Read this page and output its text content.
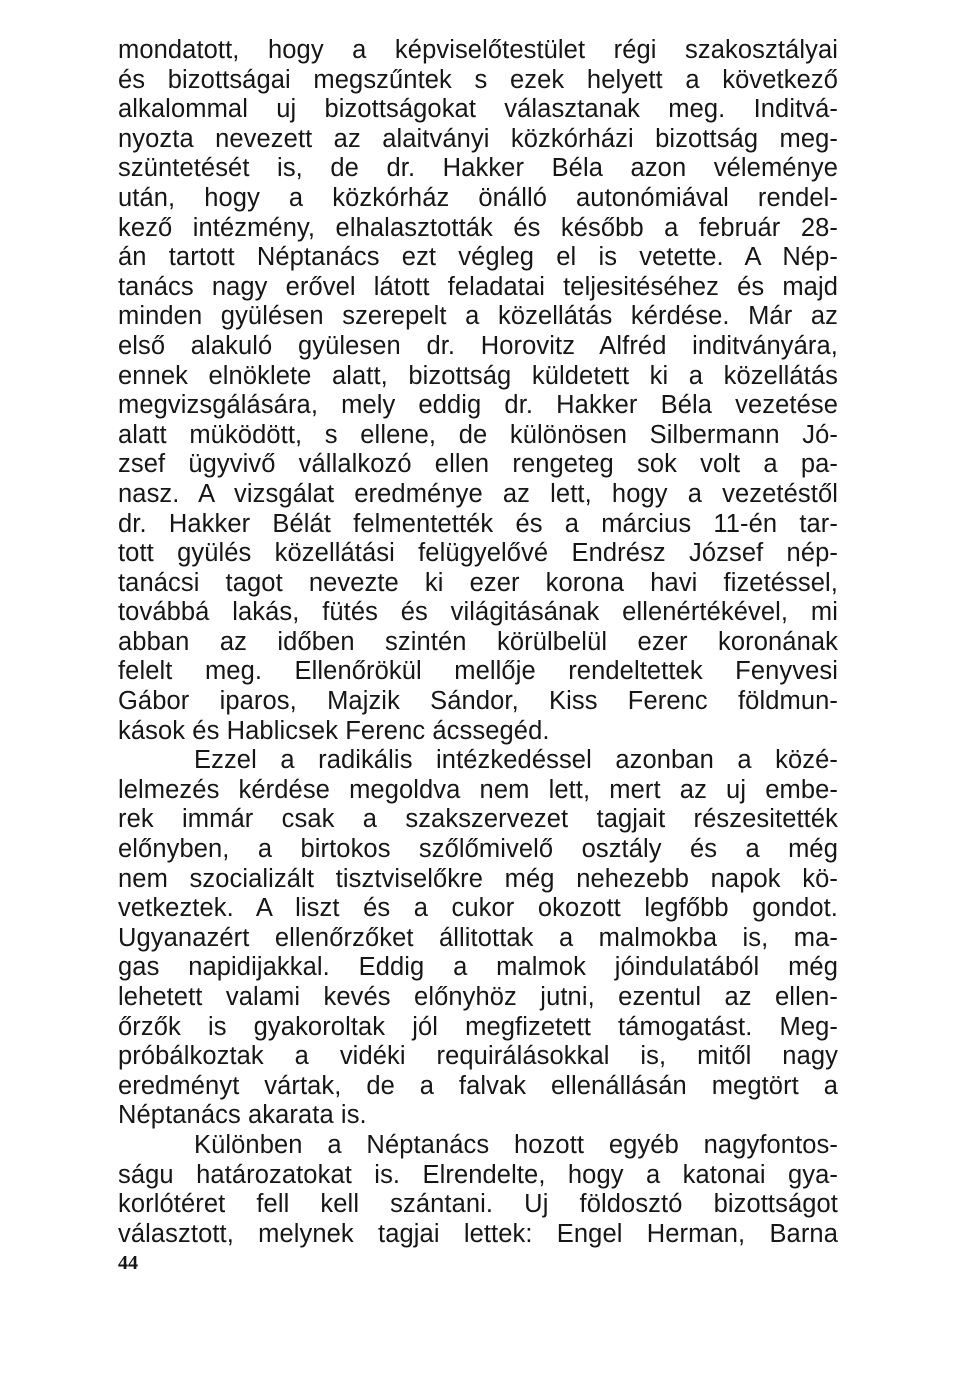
mondatott, hogy a képviselőtestület régi szakosztályai
és bizottságai megszűntek s ezek helyett a következő
alkalommal uj bizottságokat választanak meg. Inditvá-
nyozta nevezett az alaitványi közkórházi bizottság meg-
szüntetését is, de dr. Hakker Béla azon véleménye
után, hogy a közkórház önálló autonómiával rendel-
kező intézmény, elhalasztották és később a február 28-
án tartott Néptanács ezt végleg el is vetette. A Nép-
tanács nagy erővel látott feladatai teljesitéséhez és majd
minden gyülésen szerepelt a közellátás kérdése. Már az
első alakuló gyülesen dr. Horovitz Alfréd inditványára,
ennek elnöklete alatt, bizottság küldetett ki a közellátás
megvizsgálására, mely eddig dr. Hakker Béla vezetése
alatt müködött, s ellene, de különösen Silbermann Jó-
zsef ügyvivő vállalkozó ellen rengeteg sok volt a pa-
nasz. A vizsgálat eredménye az lett, hogy a vezetéstől
dr. Hakker Bélát felmentették és a március 11-én tar-
tott gyülés közellátási felügyelővé Endrész József nép-
tanácsi tagot nevezte ki ezer korona havi fizetéssel,
továbbá lakás, fütés és világitásának ellenértékével, mi
abban az időben szintén körülbelül ezer koronának
felelt meg. Ellenőrökül mellője rendeltettek Fenyvesi
Gábor iparos, Majzik Sándor, Kiss Ferenc földmun-
kások és Hablicsek Ferenc ácssegéd.
Ezzel a radikális intézkedéssel azonban a közé-
lelmezés kérdése megoldva nem lett, mert az uj embe-
rek immár csak a szakszervezet tagjait részesitették
előnyben, a birtokos szőlőmivelő osztály és a még
nem szocializált tisztviselőkre még nehezebb napok kö-
vetkeztek. A liszt és a cukor okozott legfőbb gondot.
Ugyanazért ellenőrzőket állitottak a malmokba is, ma-
gas napidijakkal. Eddig a malmok jóindulatából még
lehetett valami kevés előnyhöz jutni, ezentul az ellen-
őrzők is gyakoroltak jól megfizetett támogatást. Meg-
próbálkoztak a vidéki requirálásokkal is, mitől nagy
eredményt vártak, de a falvak ellenállásán megtört a
Néptanács akarata is.
Különben a Néptanács hozott egyéb nagyfontos-
ságu határozatokat is. Elrendelte, hogy a katonai gya-
korlótéret fell kell szántani. Uj földosztó bizottságot
választott, melynek tagjai lettek: Engel Herman, Barna
44
